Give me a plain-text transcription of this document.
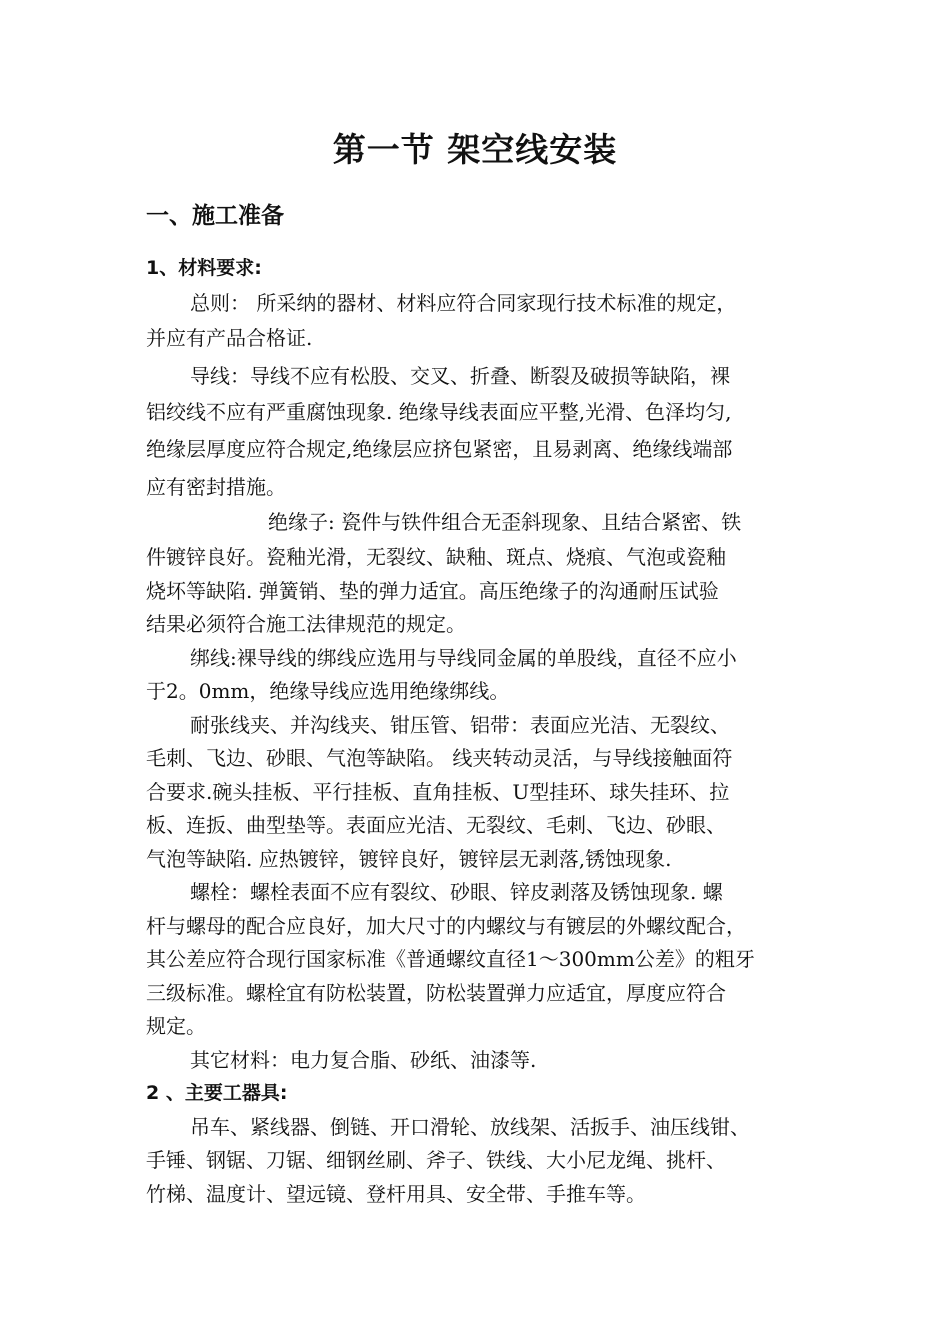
第一节 架空线安装
一、施工准备
1、材料要求:
总则： 所采纳的器材、材料应符合同家现行技术标准的规定，
并应有产品合格证.
导线：导线不应有松股、交叉、折叠、断裂及破损等缺陷，裸
铝绞线不应有严重腐蚀现象. 绝缘导线表面应平整,光滑、色泽均匀,
绝缘层厚度应符合规定,绝缘层应挤包紧密，且易剥离、绝缘线端部
应有密封措施。
绝缘子: 瓷件与铁件组合无歪斜现象、且结合紧密、铁
件镀锌良好。瓷釉光滑，无裂纹、缺釉、斑点、烧痕、气泡或瓷釉
烧坏等缺陷. 弹簧销、垫的弹力适宜。高压绝缘子的沟通耐压试验
结果必须符合施工法律规范的规定。
绑线:裸导线的绑线应选用与导线同金属的单股线，直径不应小
于2。0mm，绝缘导线应选用绝缘绑线。
耐张线夹、并沟线夹、钳压管、铝带：表面应光洁、无裂纹、
毛刺、飞边、砂眼、气泡等缺陷。 线夹转动灵活，与导线接触面符
合要求.碗头挂板、平行挂板、直角挂板、U型挂环、球失挂环、拉
板、连扳、曲型垫等。表面应光洁、无裂纹、毛刺、飞边、砂眼、
气泡等缺陷. 应热镀锌，镀锌良好，镀锌层无剥落,锈蚀现象.
螺栓：螺栓表面不应有裂纹、砂眼、锌皮剥落及锈蚀现象. 螺
杆与螺母的配合应良好，加大尺寸的内螺纹与有镀层的外螺纹配合，
其公差应符合现行国家标准《普通螺纹直径1～300mm公差》的粗牙
三级标准。螺栓宜有防松装置，防松装置弹力应适宜，厚度应符合
规定。
其它材料：电力复合脂、砂纸、油漆等.
2 、主要工器具:
吊车、紧线器、倒链、开口滑轮、放线架、活扳手、油压线钳、
手锤、钢锯、刀锯、细钢丝刷、斧子、铁线、大小尼龙绳、挑杆、
竹梯、温度计、望远镜、登杆用具、安全带、手推车等。
